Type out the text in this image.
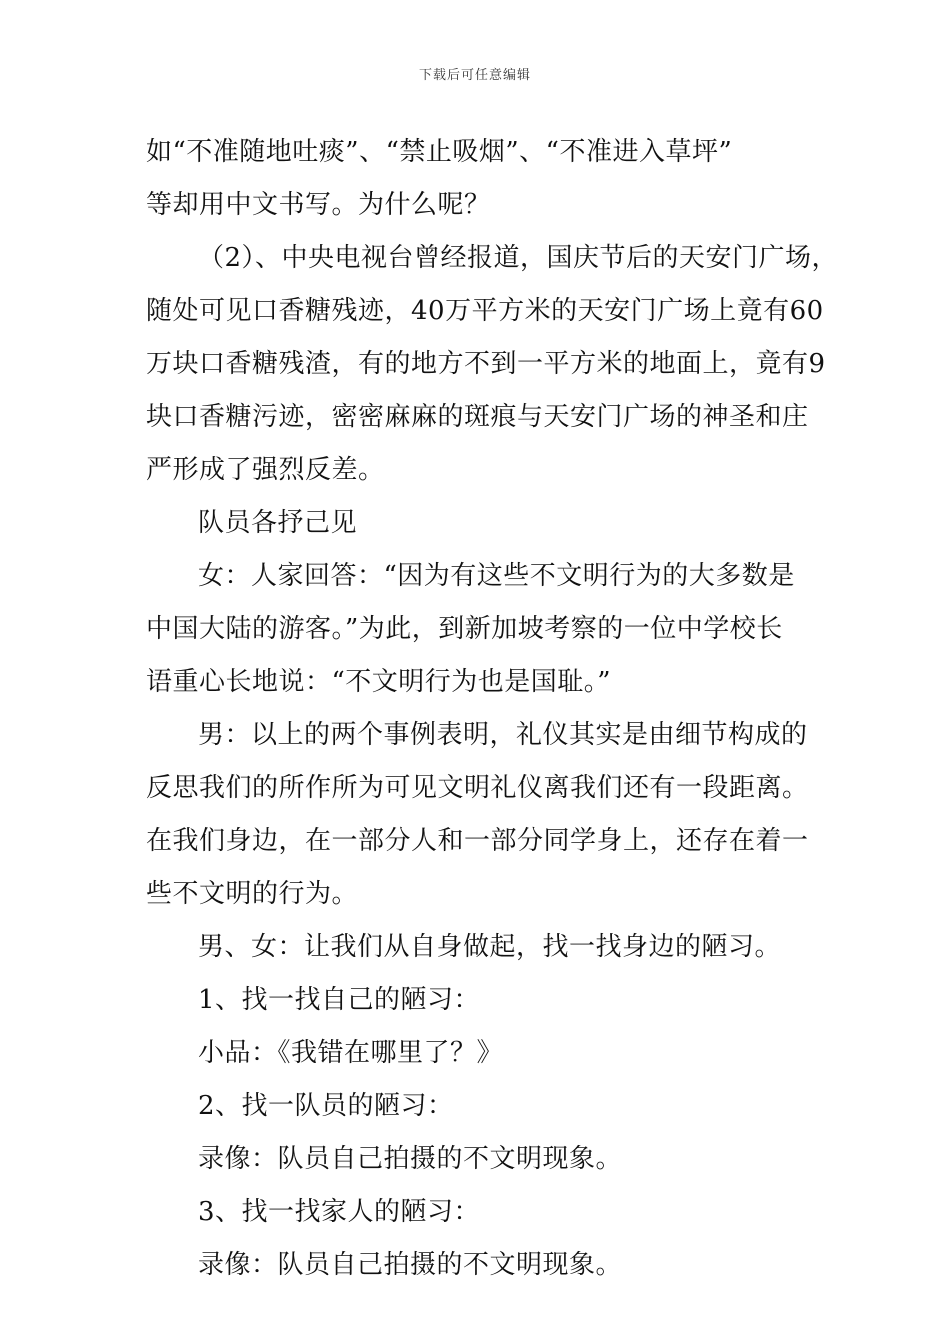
下载后可任意编辑
如“不准随地吐痰”、“禁止吸烟”、“不准进入草坪”
等却用中文书写。为什么呢？
（2）、中央电视台曾经报道，国庆节后的天安门广场，
随处可见口香糖残迹，40万平方米的天安门广场上竟有60
万块口香糖残渣，有的地方不到一平方米的地面上，竟有9
块口香糖污迹，密密麻麻的斑痕与天安门广场的神圣和庄
严形成了强烈反差。
队员各抒己见
女：人家回答：“因为有这些不文明行为的大多数是
中国大陆的游客。”为此，到新加坡考察的一位中学校长
语重心长地说：“不文明行为也是国耻。”
男：以上的两个事例表明，礼仪其实是由细节构成的
反思我们的所作所为可见文明礼仪离我们还有一段距离。
在我们身边，在一部分人和一部分同学身上，还存在着一
些不文明的行为。
男、女：让我们从自身做起，找一找身边的陋习。
1、找一找自己的陋习：
小品：《我错在哪里了？》
2、找一队员的陋习：
录像：队员自己拍摄的不文明现象。
3、找一找家人的陋习：
录像：队员自己拍摄的不文明现象。
